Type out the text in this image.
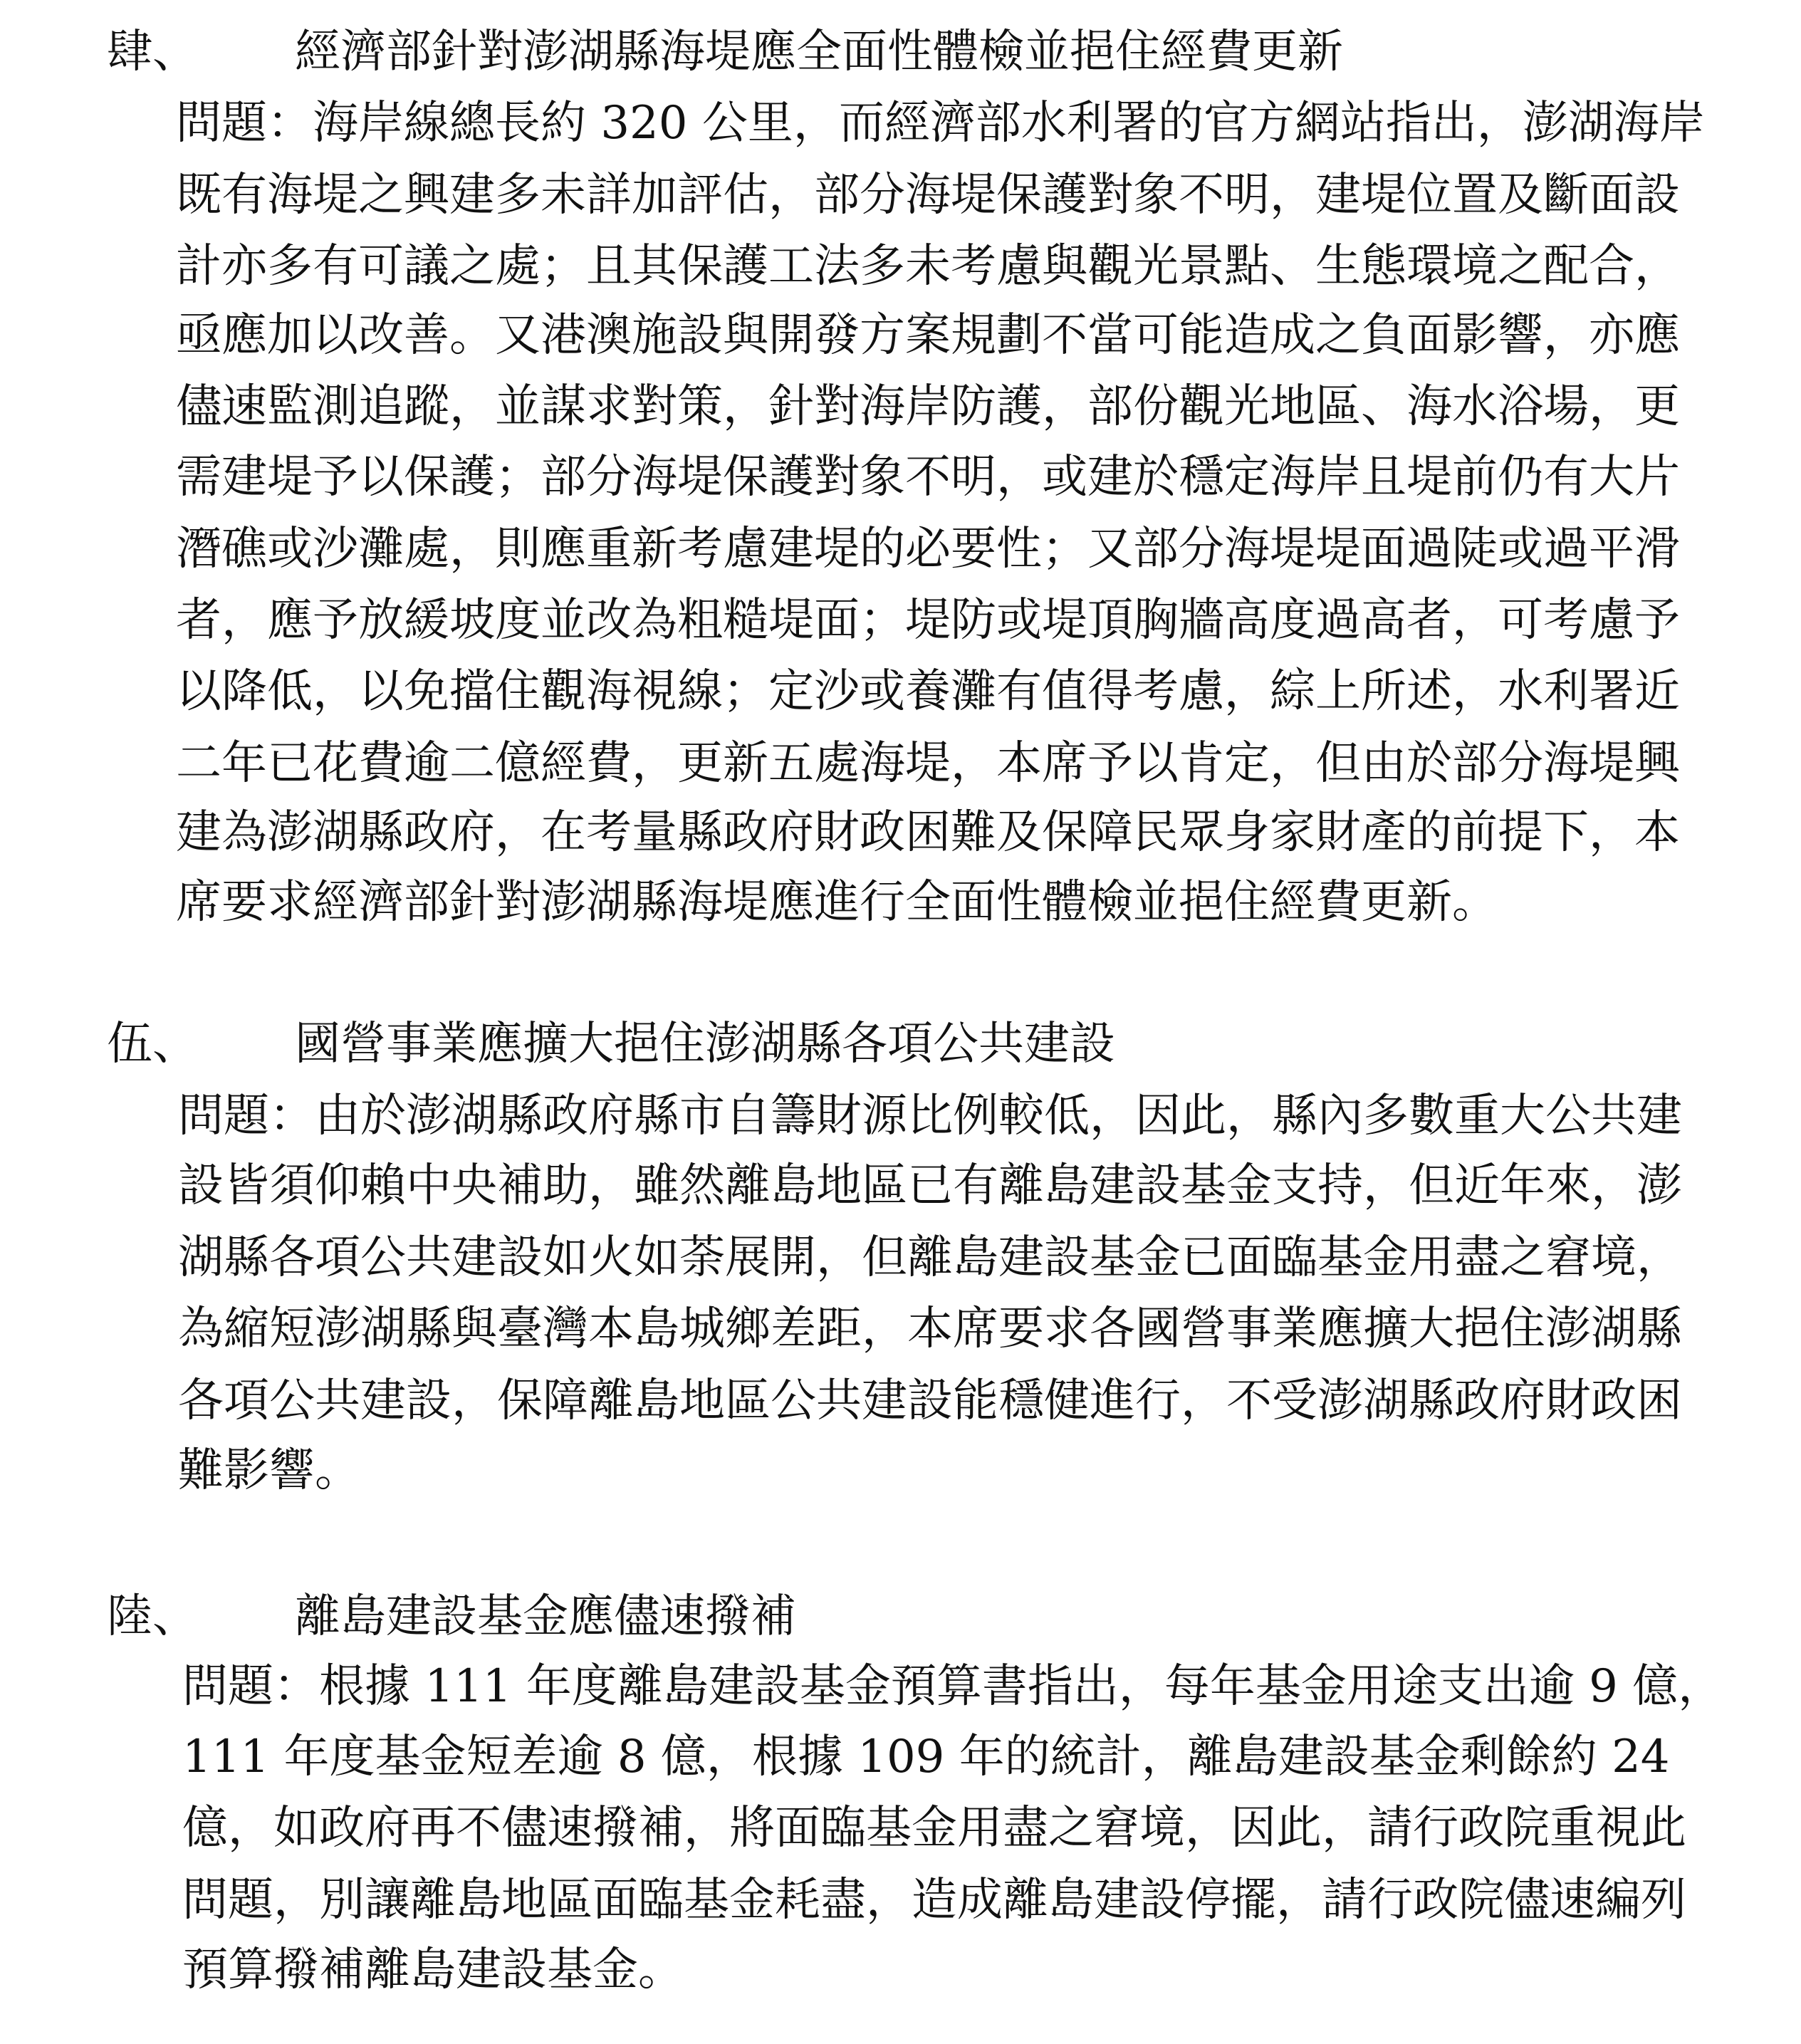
肆、	經濟部針對澎湖縣海堤應全面性體檢並挹住經費更新
問題：海岸線總長約 320 公里，而經濟部水利署的官方網站指出，澎湖海岸
既有海堤之興建多未詳加評估，部分海堤保護對象不明，建堤位置及斷面設
計亦多有可議之處；且其保護工法多未考慮與觀光景點、生態環境之配合，
亟應加以改善。又港澳施設與開發方案規劃不當可能造成之負面影響，亦應
儘速監測追蹤，並謀求對策，針對海岸防護，部份觀光地區、海水浴場，更
需建堤予以保護；部分海堤保護對象不明，或建於穩定海岸且堤前仍有大片
潛礁或沙灘處，則應重新考慮建堤的必要性；又部分海堤堤面過陡或過平滑
者，應予放緩坡度並改為粗糙堤面；堤防或堤頂胸牆高度過高者，可考慮予
以降低，以免擋住觀海視線；定沙或養灘有值得考慮，綜上所述，水利署近
二年已花費逾二億經費，更新五處海堤，本席予以肯定，但由於部分海堤興
建為澎湖縣政府，在考量縣政府財政困難及保障民眾身家財產的前提下，本
席要求經濟部針對澎湖縣海堤應進行全面性體檢並挹住經費更新。
伍、	國營事業應擴大挹住澎湖縣各項公共建設
問題：由於澎湖縣政府縣市自籌財源比例較低，因此，縣內多數重大公共建
設皆須仰賴中央補助，雖然離島地區已有離島建設基金支持，但近年來，澎
湖縣各項公共建設如火如荼展開，但離島建設基金已面臨基金用盡之窘境，
為縮短澎湖縣與臺灣本島城鄉差距，本席要求各國營事業應擴大挹住澎湖縣
各項公共建設，保障離島地區公共建設能穩健進行，不受澎湖縣政府財政困
難影響。
陸、	離島建設基金應儘速撥補
問題：根據 111 年度離島建設基金預算書指出，每年基金用途支出逾 9 億，
111 年度基金短差逾 8 億，根據 109 年的統計，離島建設基金剩餘約 24
億，如政府再不儘速撥補，將面臨基金用盡之窘境，因此，請行政院重視此
問題，別讓離島地區面臨基金耗盡，造成離島建設停擺，請行政院儘速編列
預算撥補離島建設基金。
